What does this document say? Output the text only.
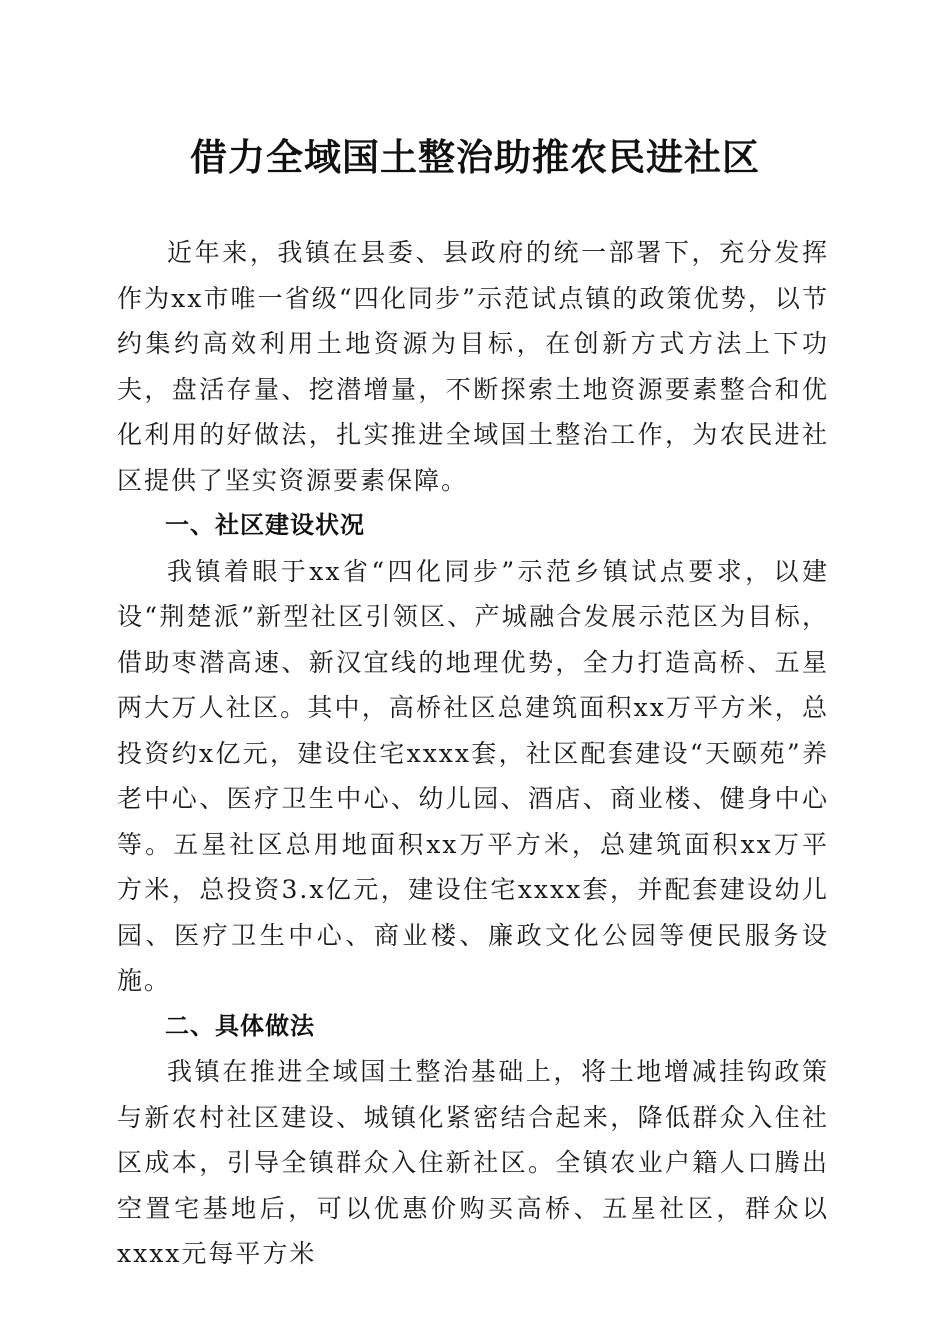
借力全域国土整治助推农民进社区

近年来，我镇在县委、县政府的统一部署下，充分发挥作为xx市唯一省级“四化同步”示范试点镇的政策优势，以节约集约高效利用土地资源为目标，在创新方式方法上下功夫，盘活存量、挖潜增量，不断探索土地资源要素整合和优化利用的好做法，扎实推进全域国土整治工作，为农民进社区提供了坚实资源要素保障。

一、社区建设状况

我镇着眼于xx省“四化同步”示范乡镇试点要求，以建设“荆楚派”新型社区引领区、产城融合发展示范区为目标，借助枣潜高速、新汉宜线的地理优势，全力打造高桥、五星两大万人社区。其中，高桥社区总建筑面积xx万平方米，总投资约x亿元，建设住宅xxxx套，社区配套建设“天颐苑”养老中心、医疗卫生中心、幼儿园、酒店、商业楼、健身中心等。五星社区总用地面积xx万平方米，总建筑面积xx万平方米，总投资3.x亿元，建设住宅xxxx套，并配套建设幼儿园、医疗卫生中心、商业楼、廉政文化公园等便民服务设施。

二、具体做法

我镇在推进全域国土整治基础上，将土地增减挂钩政策与新农村社区建设、城镇化紧密结合起来，降低群众入住社区成本，引导全镇群众入住新社区。全镇农业户籍人口腾出空置宅基地后，可以优惠价购买高桥、五星社区，群众以xxxx元每平方米
